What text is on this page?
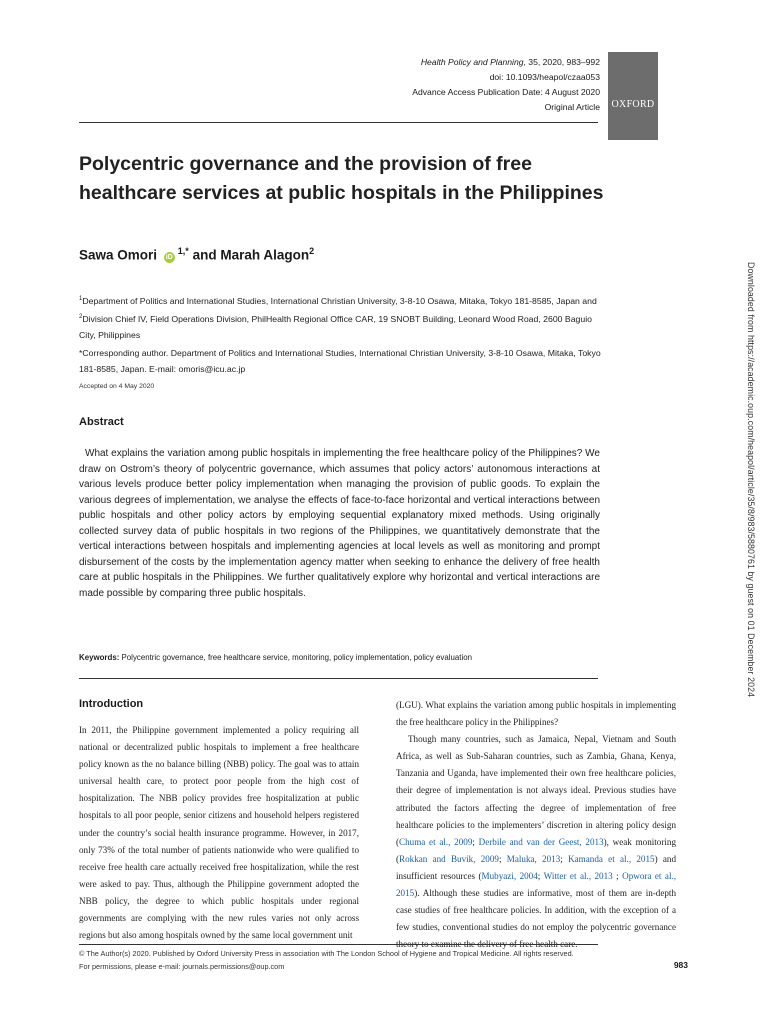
Health Policy and Planning, 35, 2020, 983–992
doi: 10.1093/heapol/czaa053
Advance Access Publication Date: 4 August 2020
Original Article	OXFORD
Polycentric governance and the provision of free healthcare services at public hospitals in the Philippines
Sawa Omori $iD^{1,*}$ and Marah Alagon$^2$
$^1$Department of Politics and International Studies, International Christian University, 3-8-10 Osawa, Mitaka, Tokyo 181-8585, Japan and $^2$Division Chief IV, Field Operations Division, PhilHealth Regional Office CAR, 19 SNOBT Building, Leonard Wood Road, 2600 Baguio City, Philippines
*Corresponding author. Department of Politics and International Studies, International Christian University, 3-8-10 Osawa, Mitaka, Tokyo 181-8585, Japan. E-mail: omoris@icu.ac.jp
Accepted on 4 May 2020
Abstract
What explains the variation among public hospitals in implementing the free healthcare policy of the Philippines? We draw on Ostrom’s theory of polycentric governance, which assumes that policy actors’ autonomous interactions at various levels produce better policy implementation when managing the provision of public goods. To explain the various degrees of implementation, we analyse the effects of face-to-face horizontal and vertical interactions between public hospitals and other policy actors by employing sequential explanatory mixed methods. Using originally collected survey data of public hospitals in two regions of the Philippines, we quantitatively demonstrate that the vertical interactions between hospitals and implementing agencies at local levels as well as monitoring and prompt disbursement of the costs by the implementation agency matter when seeking to enhance the delivery of free health care at public hospitals in the Philippines. We further qualitatively explore why horizontal and vertical interactions are made possible by comparing three public hospitals.
Keywords: Polycentric governance, free healthcare service, monitoring, policy implementation, policy evaluation
Introduction
In 2011, the Philippine government implemented a policy requiring all national or decentralized public hospitals to implement a free healthcare policy known as the no balance billing (NBB) policy. The goal was to attain universal health care, to protect poor people from the high cost of hospitalization. The NBB policy provides free hospitalization at public hospitals to all poor people, senior citizens and household helpers registered under the country’s social health insurance programme. However, in 2017, only 73% of the total number of patients nationwide who were qualified to receive free health care actually received free hospitalization, while the rest were asked to pay. Thus, although the Philippine government adopted the NBB policy, the degree to which public hospitals under regional governments are complying with the new rules varies not only across regions but also among hospitals owned by the same local government unit
(LGU). What explains the variation among public hospitals in implementing the free healthcare policy in the Philippines?
Though many countries, such as Jamaica, Nepal, Vietnam and South Africa, as well as Sub-Saharan countries, such as Zambia, Ghana, Kenya, Tanzania and Uganda, have implemented their own free healthcare policies, their degree of implementation is not always ideal. Previous studies have attributed the factors affecting the degree of implementation of free healthcare policies to the implementers’ discretion in altering policy design (Chuma et al., 2009; Derbile and van der Geest, 2013), weak monitoring (Rokkan and Buvik, 2009; Maluka, 2013; Kamanda et al., 2015) and insufficient resources (Mubyazi, 2004; Witter et al., 2013 ; Opwora et al., 2015). Although these studies are informative, most of them are in-depth case studies of free healthcare policies. In addition, with the exception of a few studies, conventional studies do not employ the polycentric governance
© The Author(s) 2020. Published by Oxford University Press in association with The London School of Hygiene and Tropical Medicine. All rights reserved.
For permissions, please e-mail: journals.permissions@oup.com	983
Downloaded from https://academic.oup.com/heapol/article/35/8/983/5880761 by guest on 01 December 2024
